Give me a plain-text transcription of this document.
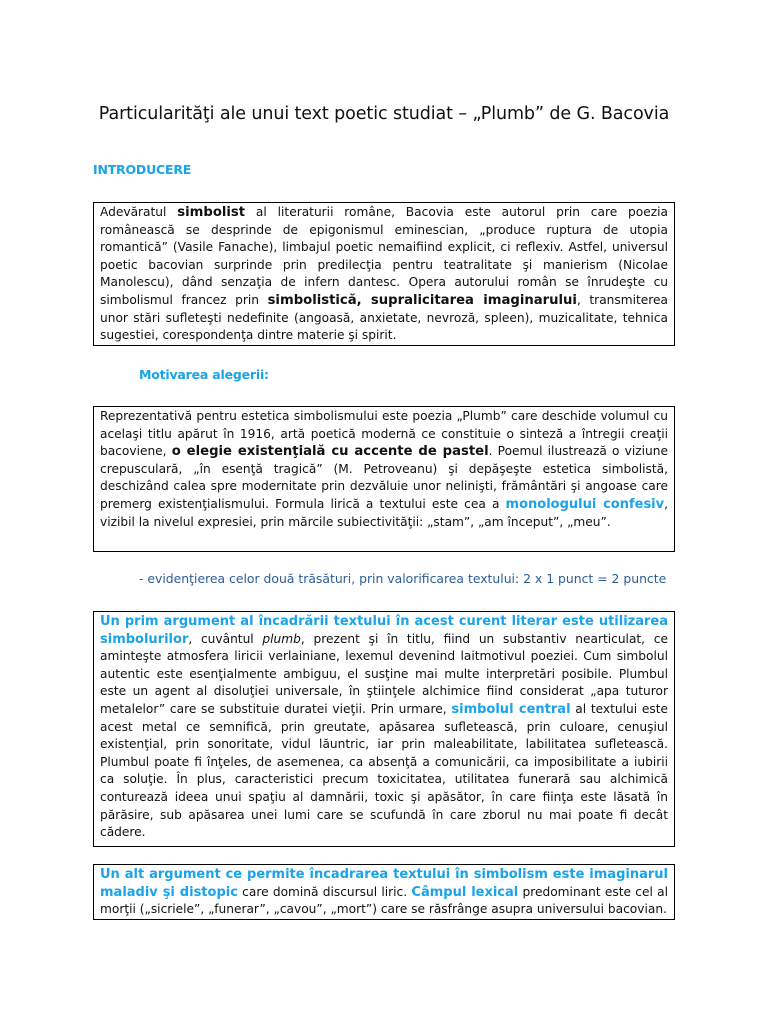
Particularităţi ale unui text poetic studiat – „Plumb” de G. Bacovia
INTRODUCERE

Adevăratul simbolist al literaturii române, Bacovia este autorul prin care poezia românească se desprinde de epigonismul eminescian, „produce ruptura de utopia romantică” (Vasile Fanache), limbajul poetic nemaifiind explicit, ci reflexiv. Astfel, universul poetic bacovian surprinde prin predilecţia pentru teatralitate şi manierism (Nicolae Manolescu), dând senzaţia de infern dantesc. Opera autorului român se înrudeşte cu simbolismul francez prin simbolistică, supralicitarea imaginarului, transmiterea unor stări sufleteşti nedefinite (angoasă, anxietate, nevroză, spleen), muzicalitate, tehnica sugestiei, corespondenţa dintre materie şi spirit.

Motivarea alegerii:

Reprezentativă pentru estetica simbolismului este poezia „Plumb” care deschide volumul cu acelaşi titlu apărut în 1916, artă poetică modernă ce constituie o sinteză a întregii creaţii bacoviene, o elegie existenţială cu accente de pastel. Poemul ilustrează o viziune crepusculară, „în esenţă tragică” (M. Petroveanu) şi depăşeşte estetica simbolistă, deschizând calea spre modernitate prin dezvăluie unor nelinişti, frământări şi angoase care premerg existenţialismului. Formula lirică a textului este cea a monologului confesiv, vizibil la nivelul expresiei, prin mărcile subiectivităţii: „stam”, „am început”, „meu”.

- evidenţierea celor două trăsături, prin valorificarea textului: 2 x 1 punct = 2 puncte

Un prim argument al încadrării textului în acest curent literar este utilizarea simbolurilor, cuvântul plumb, prezent şi în titlu, fiind un substantiv nearticulat, ce aminteşte atmosfera liricii verlainiane, lexemul devenind laitmotivul poeziei. Cum simbolul autentic este esenţialmente ambiguu, el susţine mai multe interpretări posibile. Plumbul este un agent al disoluţiei universale, în ştiinţele alchimice fiind considerat „apa tuturor metalelor” care se substituie duratei vieţii. Prin urmare, simbolul central al textului este acest metal ce semnifică, prin greutate, apăsarea sufletească, prin culoare, cenuşiul existenţial, prin sonoritate, vidul lăuntric, iar prin maleabilitate, labilitatea sufletească. Plumbul poate fi înţeles, de asemenea, ca absenţă a comunicării, ca imposibilitate a iubirii ca soluţie. În plus, caracteristici precum toxicitatea, utilitatea funerară sau alchimică conturează ideea unui spaţiu al damnării, toxic şi apăsător, în care fiinţa este lăsată în părăsire, sub apăsarea unei lumi care se scufundă în care zborul nu mai poate fi decât cădere.

Un alt argument ce permite încadrarea textului în simbolism este imaginarul maladiv şi distopic care domină discursul liric. Câmpul lexical predominant este cel al morţii („sicriele”, „funerar”, „cavou”, „mort”) care se răsfrânge asupra universului bacovian.
